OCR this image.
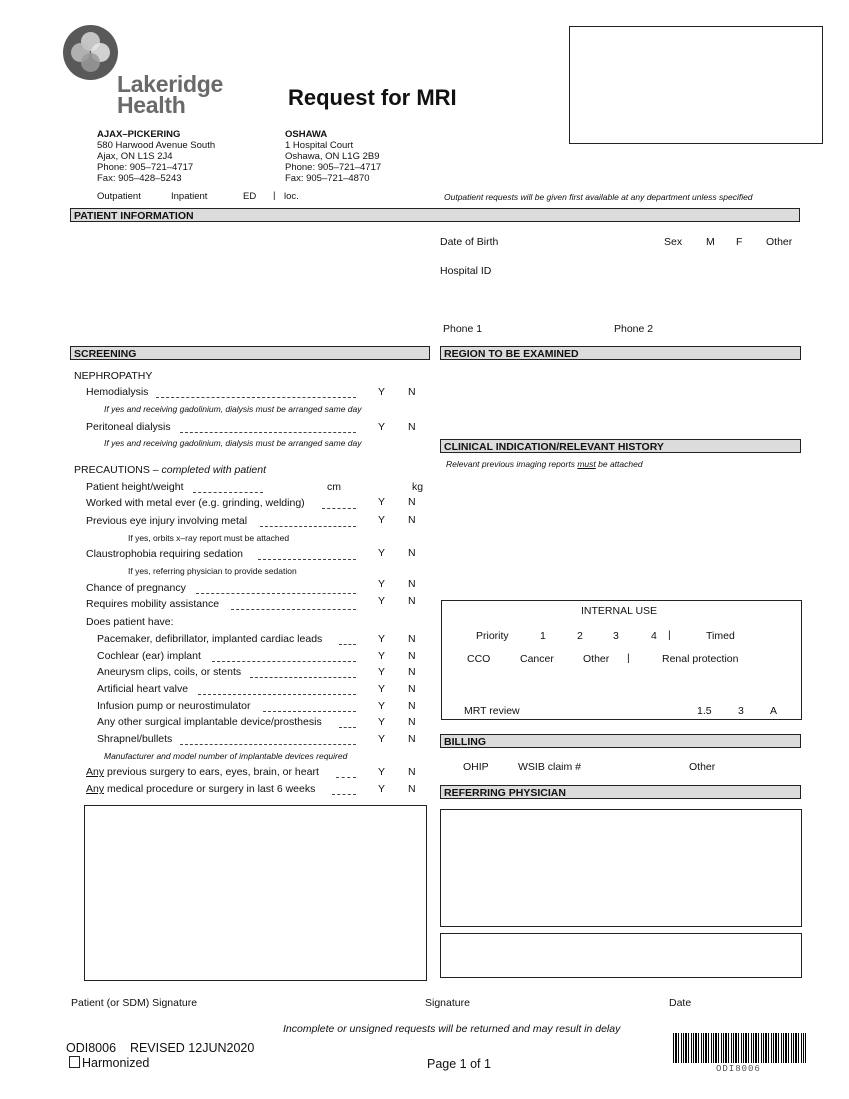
Lakeridge
Health	Request for MRI
AJAX–PICKERING
580 Harwood Avenue South
Ajax, ON L1S 2J4
Phone: 905–721–4717
Fax: 905–428–5243
OSHAWA
1 Hospital Court
Oshawa, ON L1G 2B9
Phone: 905–721–4717
Fax: 905–721–4870
Outpatient	Inpatient	ED | loc.	Outpatient requests will be given first available at any department unless specified
PATIENT INFORMATION
Date of Birth	Sex M F Other
Hospital ID
Phone 1	Phone 2
SCREENING
NEPHROPATHY
Hemodialysis	Y N
If yes and receiving gadolinium, dialysis must be arranged same day
Peritoneal dialysis	Y N
If yes and receiving gadolinium, dialysis must be arranged same day
PRECAUTIONS – completed with patient
Patient height/weight	cm	kg
Worked with metal ever (e.g. grinding, welding)	Y N
Previous eye injury involving metal	Y N
If yes, orbits x–ray report must be attached
Claustrophobia requiring sedation	Y N
If yes, referring physician to provide sedation
Chance of pregnancy	Y N
Requires mobility assistance	Y N
Does patient have:
Pacemaker, defibrillator, implanted cardiac leads	Y N
Cochlear (ear) implant	Y N
Aneurysm clips, coils, or stents	Y N
Artificial heart valve	Y N
Infusion pump or neurostimulator	Y N
Any other surgical implantable device/prosthesis	Y N
Shrapnel/bullets	Y N
Manufacturer and model number of implantable devices required
Any previous surgery to ears, eyes, brain, or heart	Y N
Any medical procedure or surgery in last 6 weeks	Y N
REGION TO BE EXAMINED
CLINICAL INDICATION/RELEVANT HISTORY
Relevant previous imaging reports must be attached
INTERNAL USE
Priority	1	2	3	4 |	Timed
CCO	Cancer	Other |	Renal protection
MRT review	1.5	3 A
BILLING
OHIP	WSIB claim #	Other
REFERRING PHYSICIAN
Patient (or SDM) Signature	Signature	Date
Incomplete or unsigned requests will be returned and may result in delay
ODI8006 REVISED 12JUN2020
Harmonized	Page 1 of 1	ODI8006
